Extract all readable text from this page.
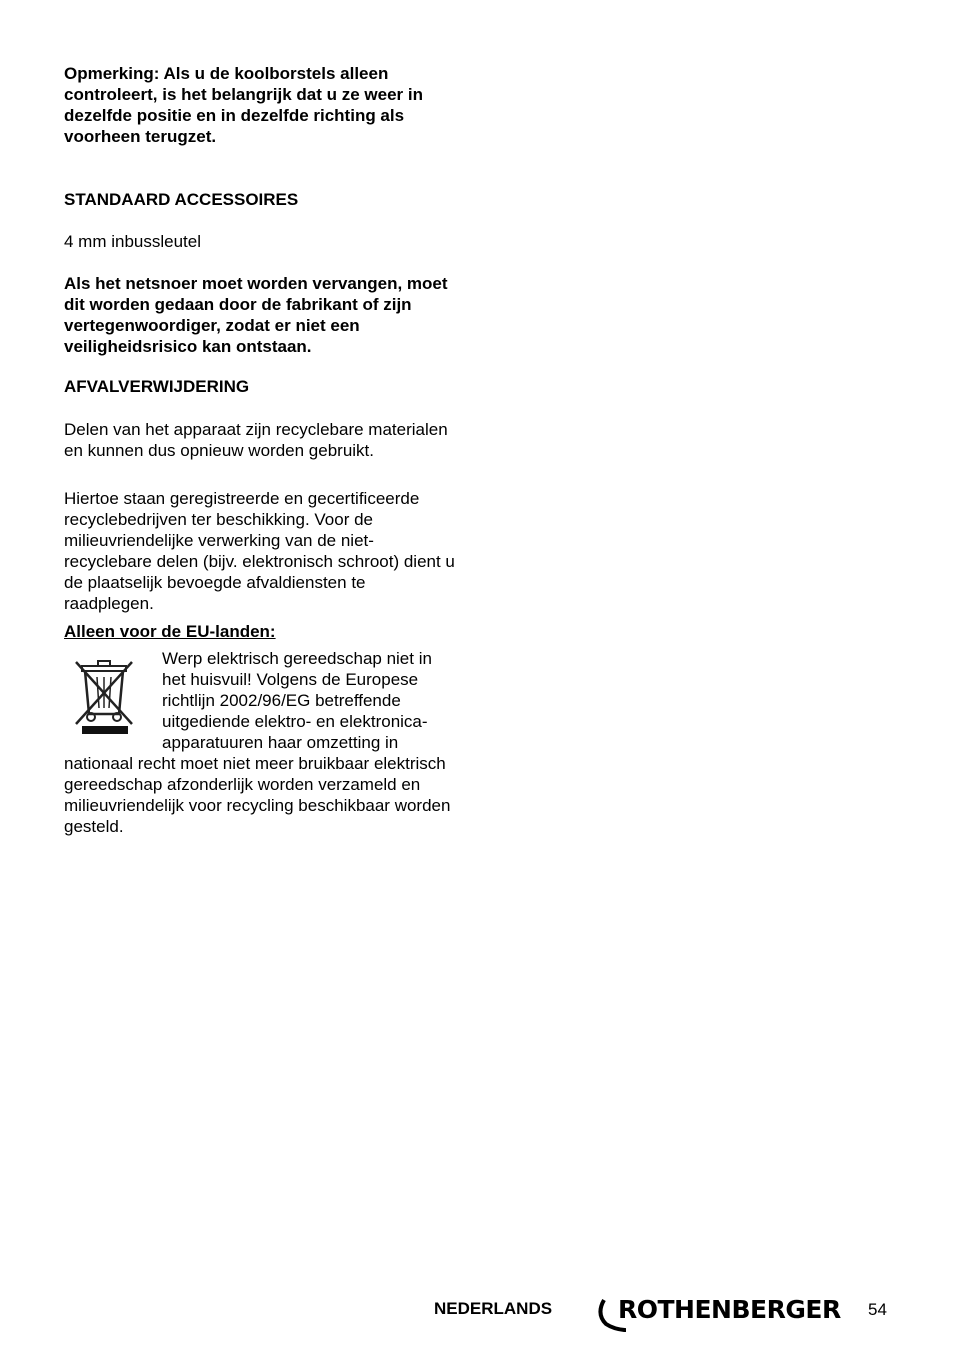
Opmerking: Als u de koolborstels alleen controleert, is het belangrijk dat u ze weer in dezelfde positie en in dezelfde richting als voorheen terugzet.

STANDAARD ACCESSOIRES

4 mm inbussleutel

Als het netsnoer moet worden vervangen, moet dit worden gedaan door de fabrikant of zijn vertegenwoordiger, zodat er niet een veiligheidsrisico kan ontstaan.

AFVALVERWIJDERING

Delen van het apparaat zijn recyclebare materialen en kunnen dus opnieuw worden gebruikt.

Hiertoe staan geregistreerde en gecertificeerde recyclebedrijven ter beschikking. Voor de milieuvriendelijke verwerking van de niet-recyclebare delen (bijv. elektronisch schroot) dient u de plaatselijk bevoegde afvaldiensten te raadplegen.

Alleen voor de EU-landen:

Werp elektrisch gereedschap niet in het huisvuil! Volgens de Europese richtlijn 2002/96/EG betreffende uitgediende elektro- en elektronica-apparatuuren haar omzetting in nationaal recht moet niet meer bruikbaar elektrisch gereedschap afzonderlijk worden verzameld en milieuvriendelijk voor recycling beschikbaar worden gesteld.

NEDERLANDS	ROTHENBERGER 54
